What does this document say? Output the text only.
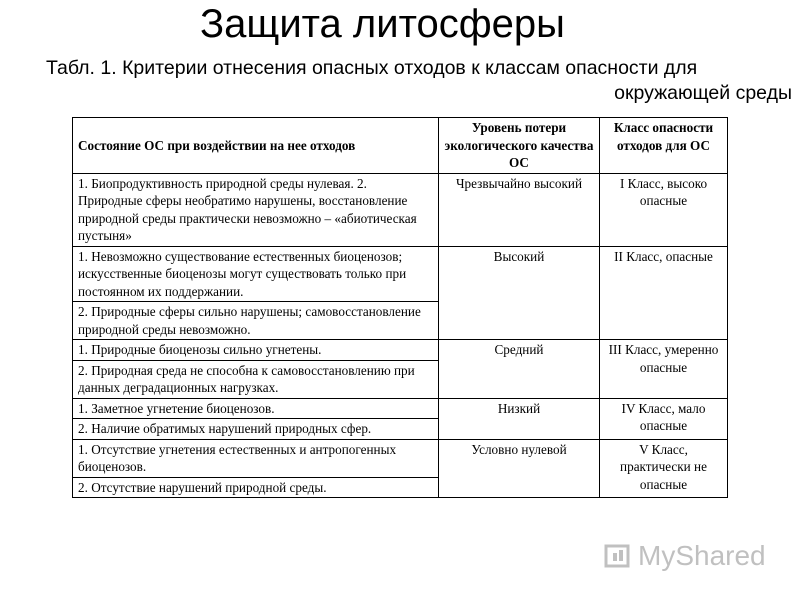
Защита литосферы
Табл. 1. Критерии отнесения опасных отходов к классам опасности для
окружающей среды
Состояние ОС при воздействии на нее отходов	Уровень потери экологического качества ОС	Класс опасности отходов для ОС
1. Биопродуктивность природной среды нулевая. 2. Природные сферы необратимо нарушены, восстановление природной среды практически невозможно – «абиотическая пустыня»	Чрезвычайно высокий	I Класс, высоко опасные
1. Невозможно существование естественных биоценозов; искусственные биоценозы могут существовать только при постоянном их поддержании.	Высокий	II Класс, опасные
2. Природные сферы сильно нарушены; самовосстановление природной среды невозможно.		
1. Природные биоценозы сильно угнетены.	Средний	III Класс, умеренно опасные
2. Природная среда не способна к самовосстановлению при данных деградационных нагрузках.		
1. Заметное угнетение биоценозов.	Низкий	IV Класс, мало опасные
2. Наличие обратимых нарушений природных сфер.		
1. Отсутствие угнетения естественных и антропогенных биоценозов.	Условно нулевой	V Класс, практически не опасные
2. Отсутствие нарушений природной среды.		
MyShared
